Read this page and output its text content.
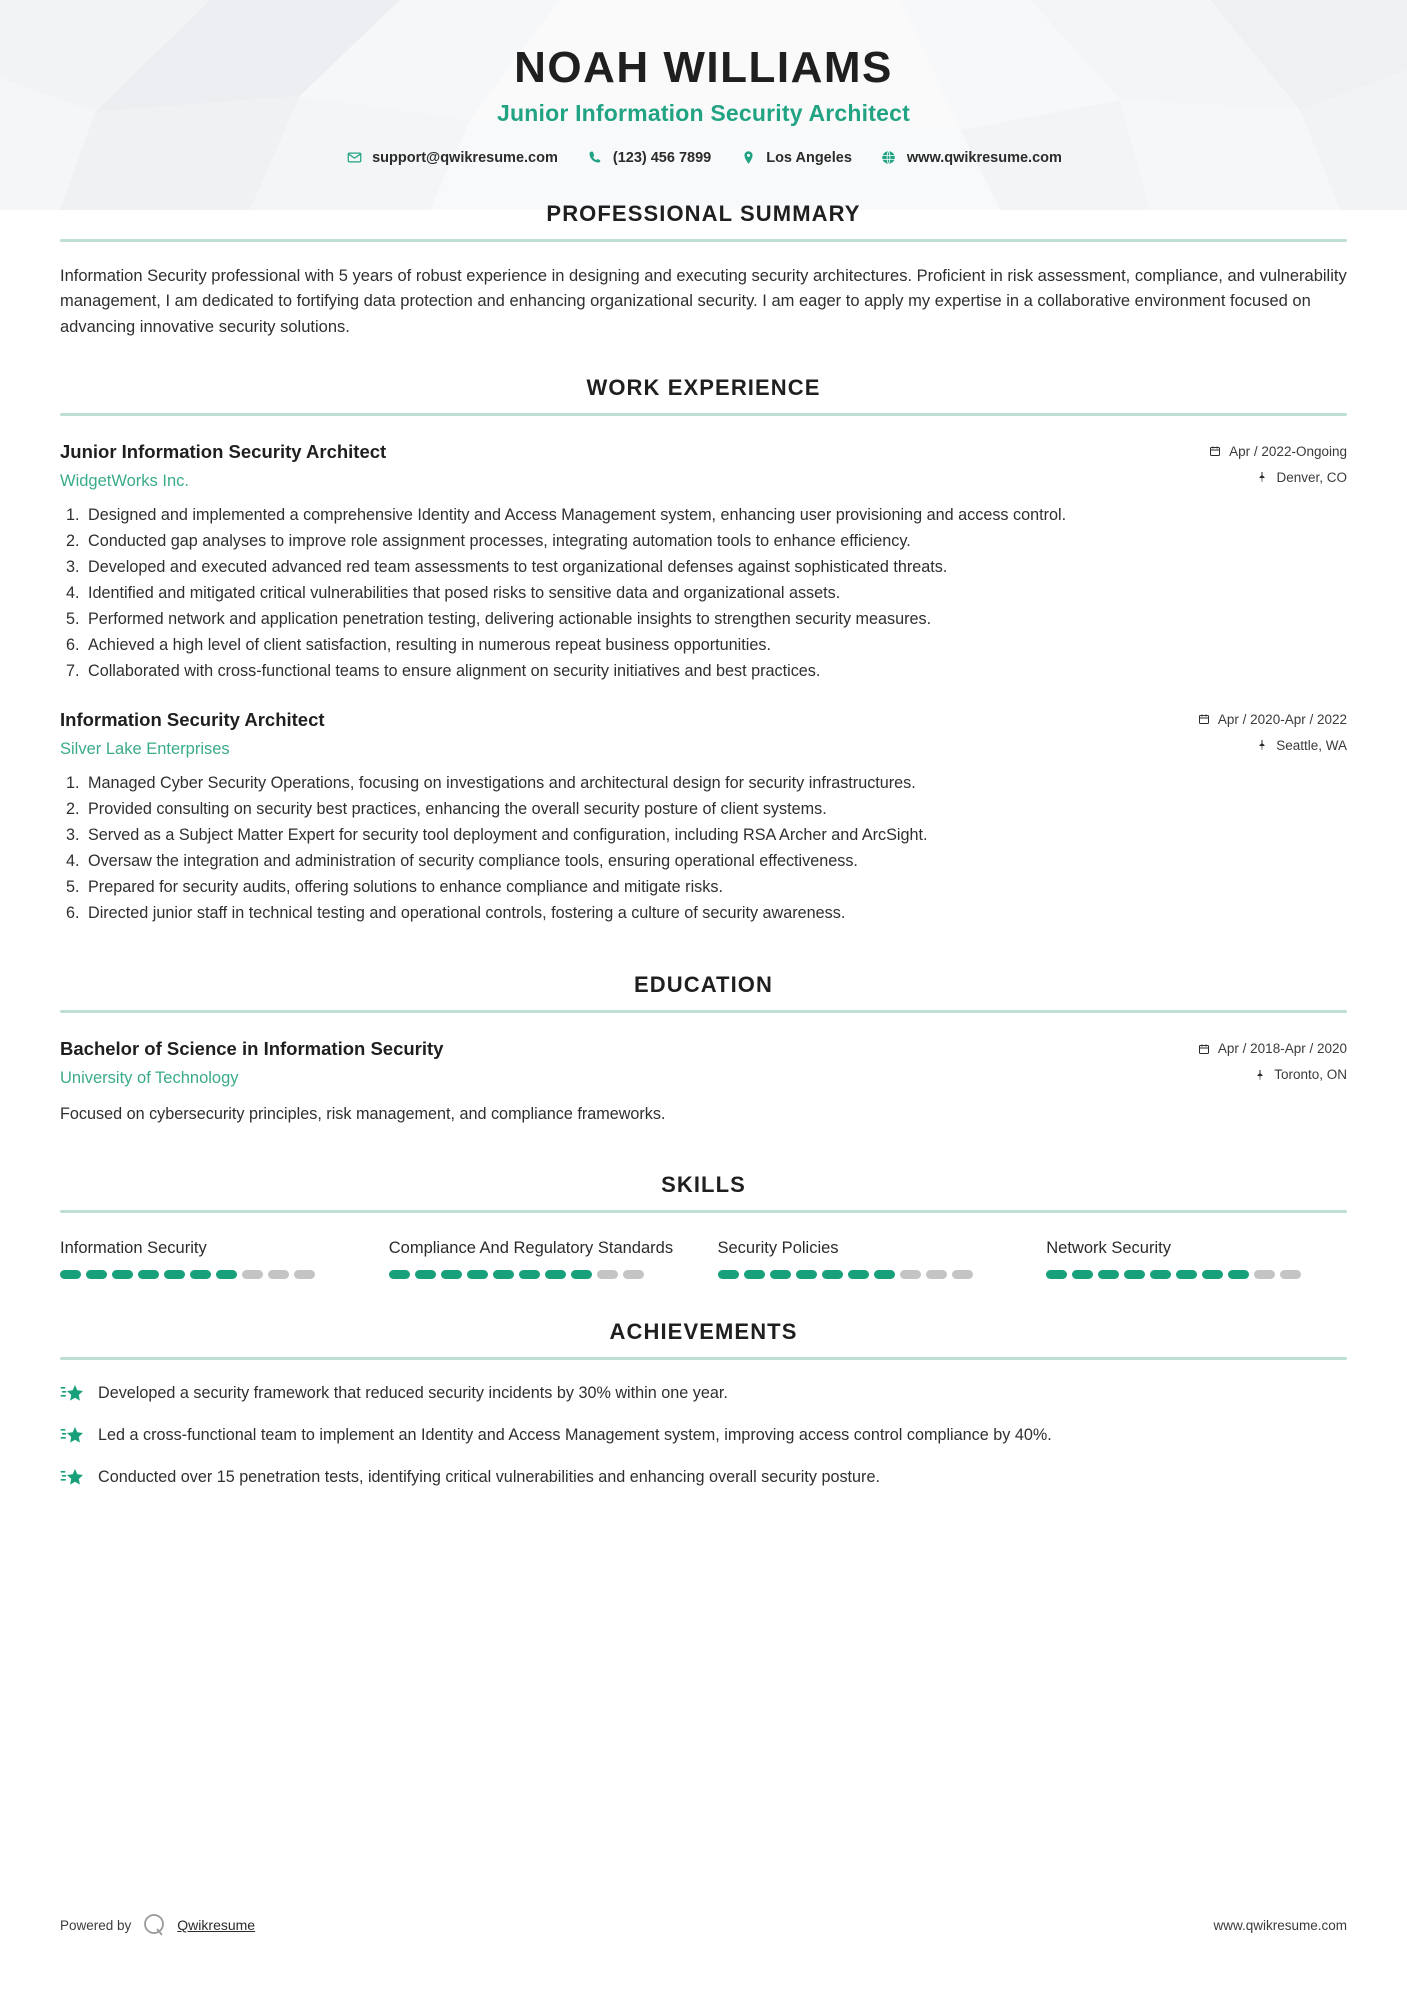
NOAH WILLIAMS
Junior Information Security Architect
support@qwikresume.com	(123) 456 7899	Los Angeles	www.qwikresume.com
PROFESSIONAL SUMMARY

Information Security professional with 5 years of robust experience in designing and executing security architectures. Proficient in risk assessment, compliance, and vulnerability management, I am dedicated to fortifying data protection and enhancing organizational security. I am eager to apply my expertise in a collaborative environment focused on advancing innovative security solutions.

WORK EXPERIENCE
Junior Information Security Architect
WidgetWorks Inc.
Apr / 2022-Ongoing
Denver, CO
1. Designed and implemented a comprehensive Identity and Access Management system, enhancing user provisioning and access control.
2. Conducted gap analyses to improve role assignment processes, integrating automation tools to enhance efficiency.
3. Developed and executed advanced red team assessments to test organizational defenses against sophisticated threats.
4. Identified and mitigated critical vulnerabilities that posed risks to sensitive data and organizational assets.
5. Performed network and application penetration testing, delivering actionable insights to strengthen security measures.
6. Achieved a high level of client satisfaction, resulting in numerous repeat business opportunities.
7. Collaborated with cross-functional teams to ensure alignment on security initiatives and best practices.
Information Security Architect
Silver Lake Enterprises
Apr / 2020-Apr / 2022
Seattle, WA
1. Managed Cyber Security Operations, focusing on investigations and architectural design for security infrastructures.
2. Provided consulting on security best practices, enhancing the overall security posture of client systems.
3. Served as a Subject Matter Expert for security tool deployment and configuration, including RSA Archer and ArcSight.
4. Oversaw the integration and administration of security compliance tools, ensuring operational effectiveness.
5. Prepared for security audits, offering solutions to enhance compliance and mitigate risks.
6. Directed junior staff in technical testing and operational controls, fostering a culture of security awareness.
EDUCATION
Bachelor of Science in Information Security
University of Technology
Apr / 2018-Apr / 2020
Toronto, ON

Focused on cybersecurity principles, risk management, and compliance frameworks.

SKILLS
Information Security	Compliance And Regulatory Standards	Security Policies	Network Security
ACHIEVEMENTS
Developed a security framework that reduced security incidents by 30% within one year.
Led a cross-functional team to implement an Identity and Access Management system, improving access control compliance by 40%.
Conducted over 15 penetration tests, identifying critical vulnerabilities and enhancing overall security posture.
Powered by	Qwikresume	www.qwikresume.com
